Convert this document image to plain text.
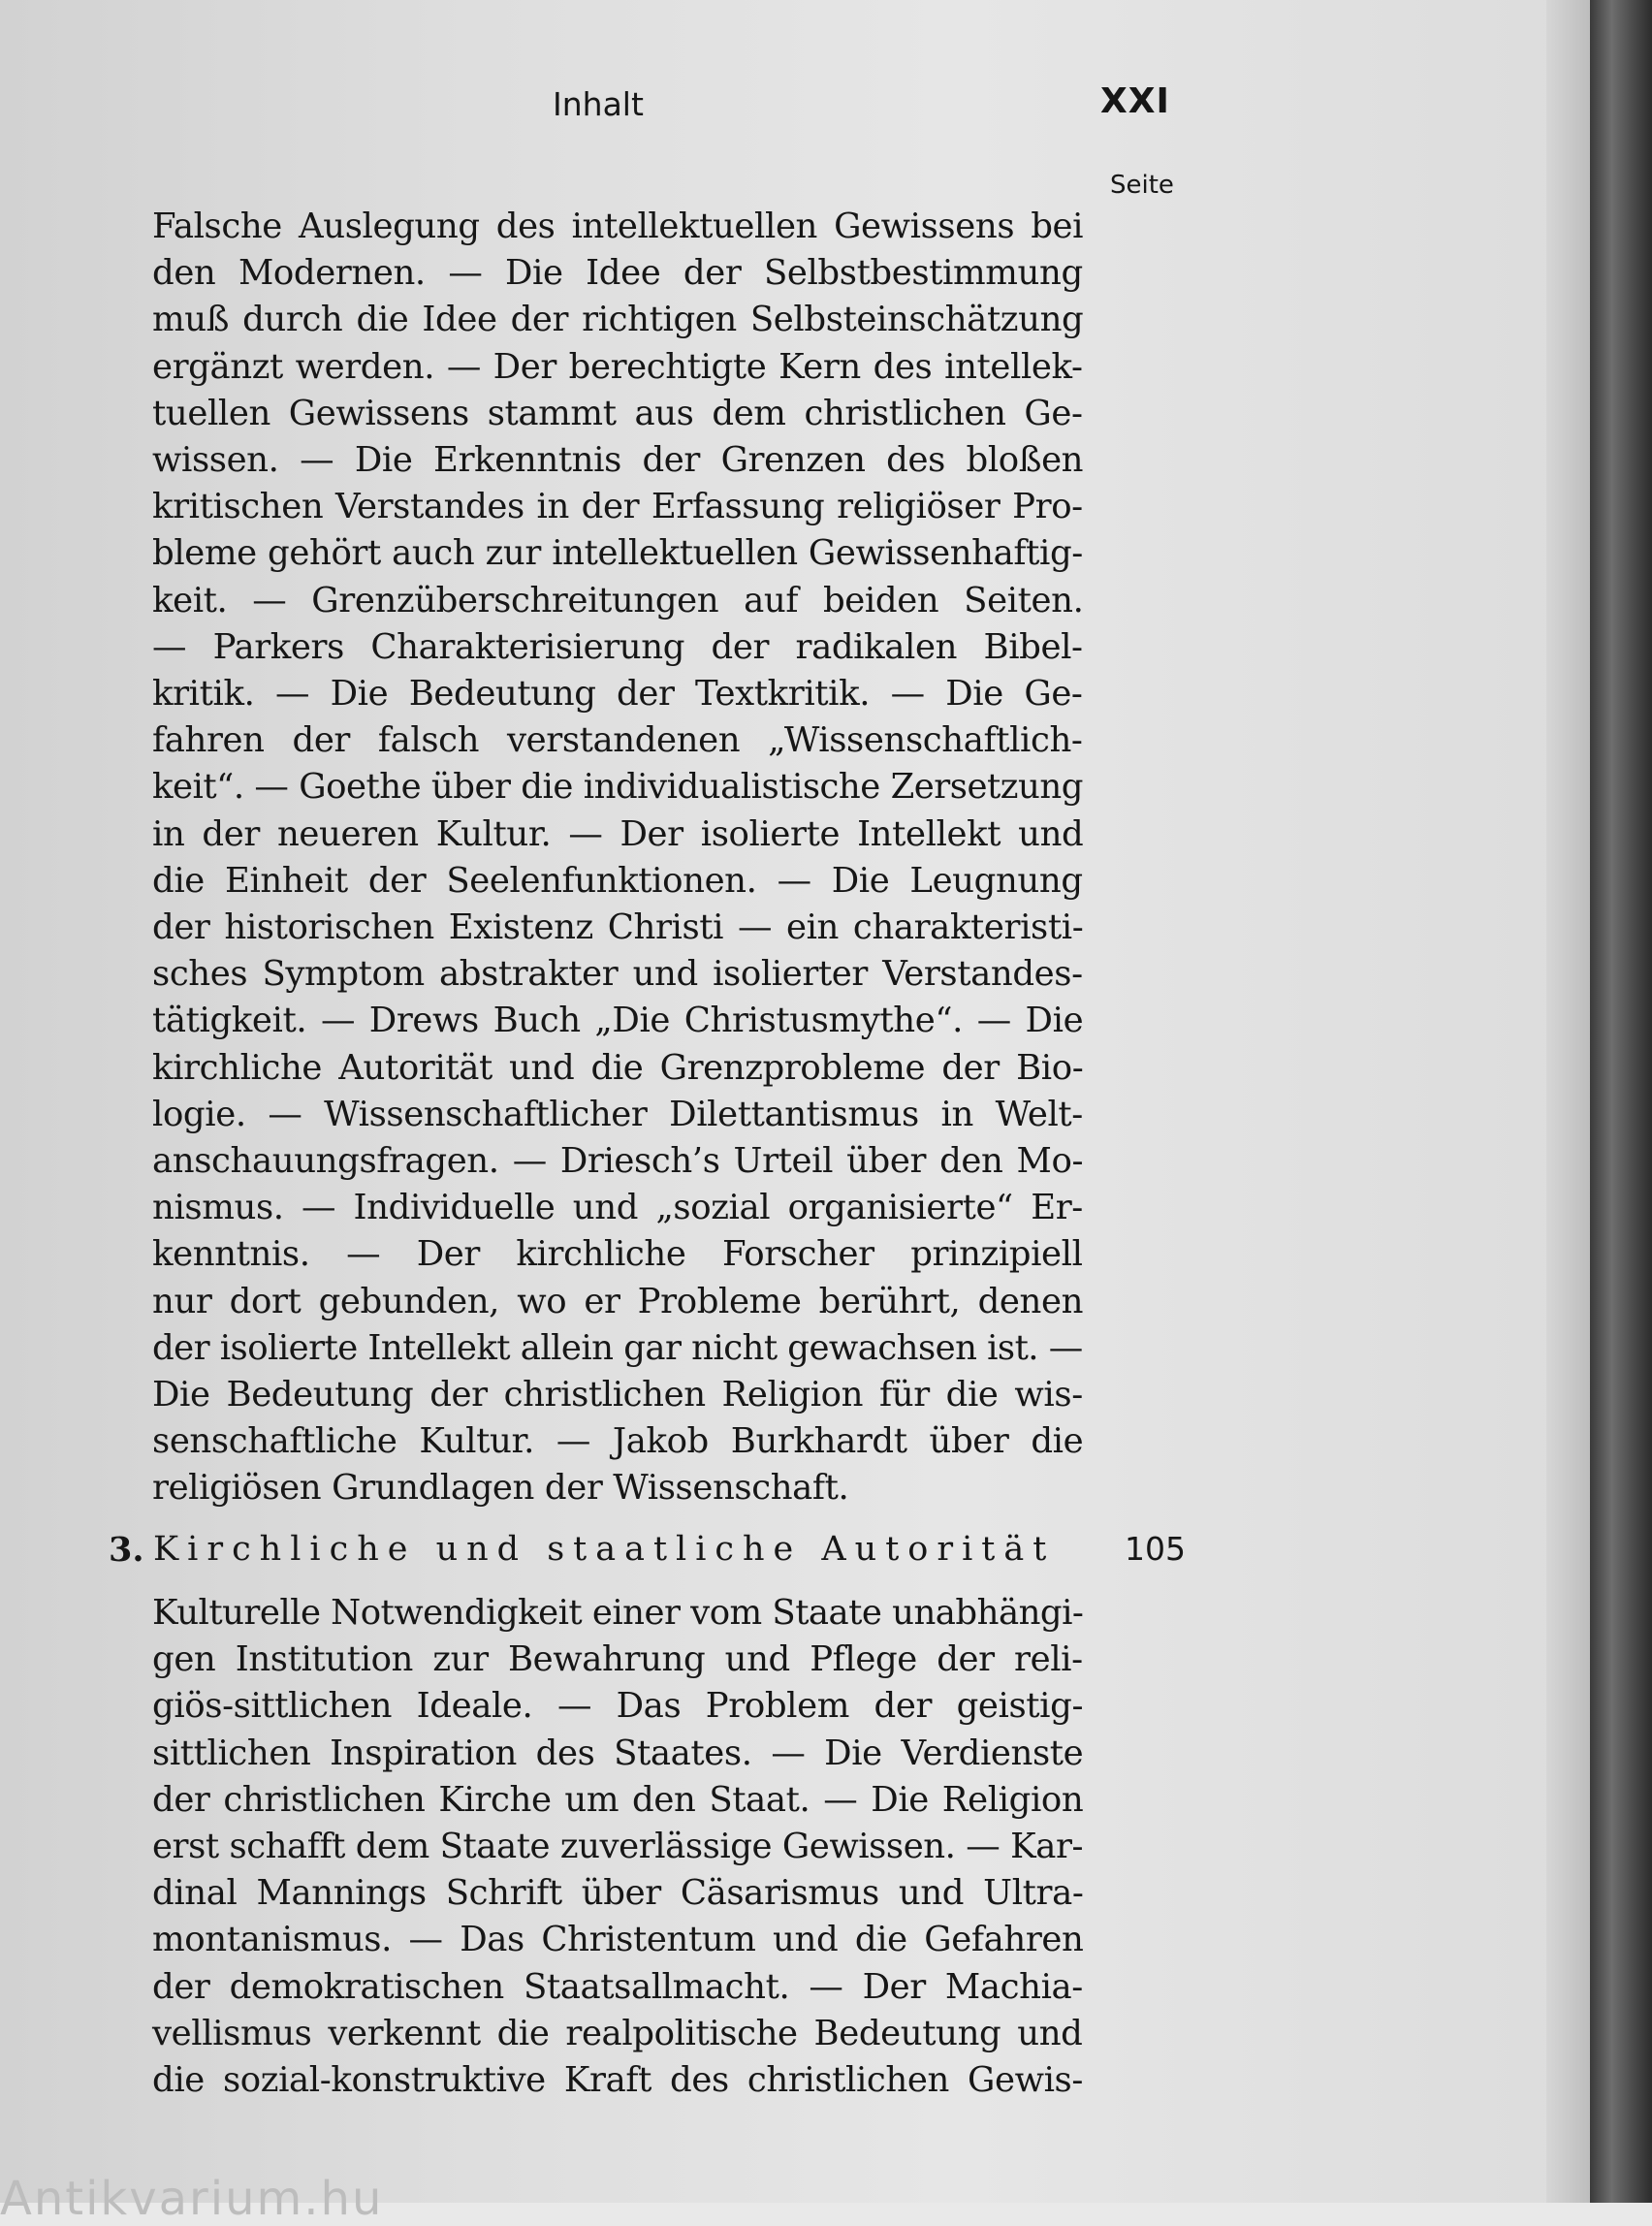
Inhalt	XXI
Seite
Falsche Auslegung des intellektuellen Gewissens bei
den Modernen. — Die Idee der Selbstbestimmung
muß durch die Idee der richtigen Selbsteinschätzung
ergänzt werden. — Der berechtigte Kern des intellek-
tuellen Gewissens stammt aus dem christlichen Ge-
wissen. — Die Erkenntnis der Grenzen des bloßen
kritischen Verstandes in der Erfassung religiöser Pro-
bleme gehört auch zur intellektuellen Gewissenhaftig-
keit. — Grenzüberschreitungen auf beiden Seiten.
— Parkers Charakterisierung der radikalen Bibel-
kritik. — Die Bedeutung der Textkritik. — Die Ge-
fahren der falsch verstandenen „Wissenschaftlich-
keit“. — Goethe über die individualistische Zersetzung
in der neueren Kultur. — Der isolierte Intellekt und
die Einheit der Seelenfunktionen. — Die Leugnung
der historischen Existenz Christi — ein charakteristi-
sches Symptom abstrakter und isolierter Verstandes-
tätigkeit. — Drews Buch „Die Christusmythe“. — Die
kirchliche Autorität und die Grenzprobleme der Bio-
logie. — Wissenschaftlicher Dilettantismus in Welt-
anschauungsfragen. — Driesch’s Urteil über den Mo-
nismus. — Individuelle und „sozial organisierte“ Er-
kenntnis. — Der kirchliche Forscher prinzipiell
nur dort gebunden, wo er Probleme berührt, denen
der isolierte Intellekt allein gar nicht gewachsen ist. —
Die Bedeutung der christlichen Religion für die wis-
senschaftliche Kultur. — Jakob Burkhardt über die
religiösen Grundlagen der Wissenschaft.
3. Kirchliche und staatliche Autorität 105
Kulturelle Notwendigkeit einer vom Staate unabhängi-
gen Institution zur Bewahrung und Pflege der reli-
giös-sittlichen Ideale. — Das Problem der geistig-
sittlichen Inspiration des Staates. — Die Verdienste
der christlichen Kirche um den Staat. — Die Religion
erst schafft dem Staate zuverlässige Gewissen. — Kar-
dinal Mannings Schrift über Cäsarismus und Ultra-
montanismus. — Das Christentum und die Gefahren
der demokratischen Staatsallmacht. — Der Machia-
vellismus verkennt die realpolitische Bedeutung und
die sozial-konstruktive Kraft des christlichen Gewis-
Antikvarium.hu
